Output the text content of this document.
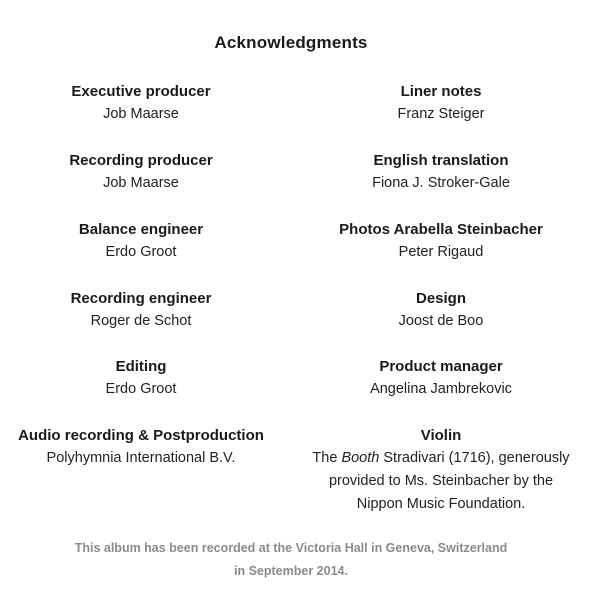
Acknowledgments
Executive producer
Job Maarse
Recording producer
Job Maarse
Balance engineer
Erdo Groot
Recording engineer
Roger de Schot
Editing
Erdo Groot
Audio recording & Postproduction
Polyhymnia International B.V.
Liner notes
Franz Steiger
English translation
Fiona J. Stroker-Gale
Photos Arabella Steinbacher
Peter Rigaud
Design
Joost de Boo
Product manager
Angelina Jambrekovic
Violin
The Booth Stradivari (1716), generously
provided to Ms. Steinbacher by the
Nippon Music Foundation.
This album has been recorded at the Victoria Hall in Geneva, Switzerland
in September 2014.
